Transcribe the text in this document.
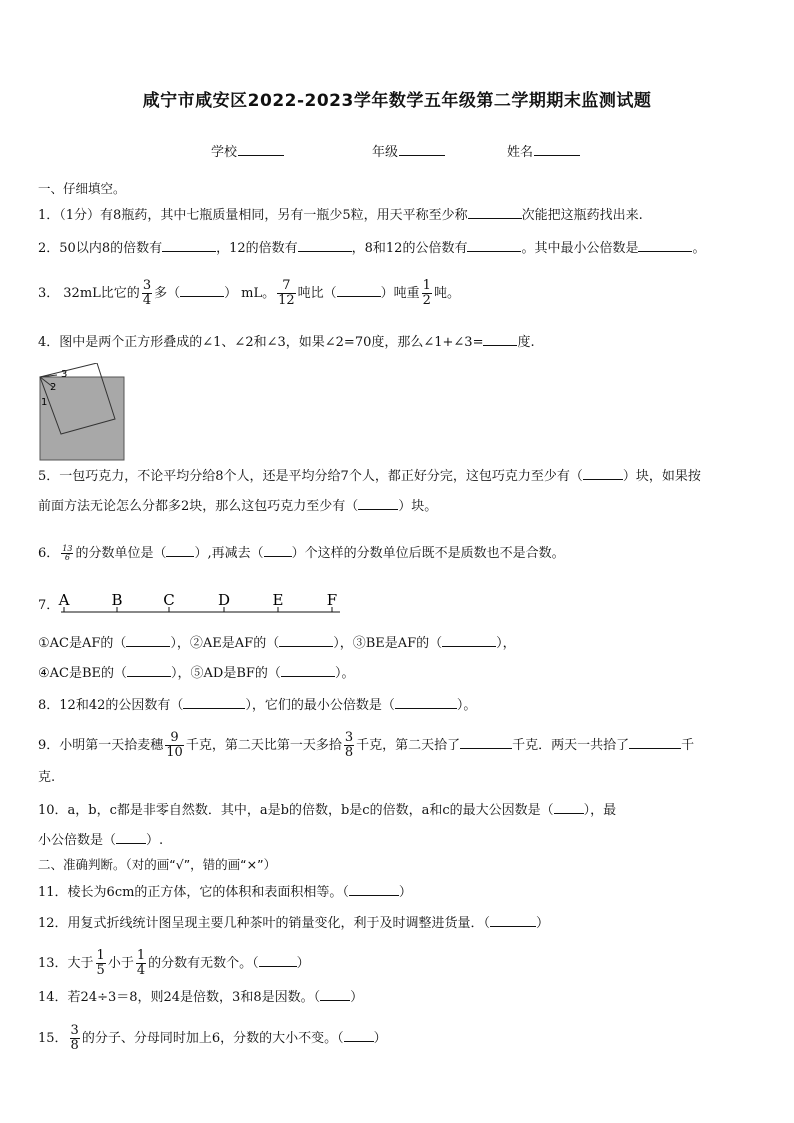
咸宁市咸安区2022-2023学年数学五年级第二学期期末监测试题
学校	年级	姓名
一、仔细填空。
1．（1分）有8瓶药，其中七瓶质量相同，另有一瓶少5粒，用天平称至少称	次能把这瓶药找出来.
2．50以内8的倍数有	，12的倍数有	，8和12的公倍数有	。其中最小公倍数是	。
3． 32mL比它的 $\frac{3}{4}$ 多（	） mL。 $\frac{7}{12}$ 吨比（	）吨重 $\frac{1}{2}$ 吨。
4．图中是两个正方形叠成的∠1、∠2和∠3，如果∠2=70度，那么∠1+∠3=	度.
3
2
1
5．一包巧克力，不论平均分给8个人，还是平均分给7个人，都正好分完，这包巧克力至少有（	）块，如果按
前面方法无论怎么分都多2块，那么这包巧克力至少有（	）块。
6． $\frac{13}{6}$ 的分数单位是（ ）,再减去（ ）个这样的分数单位后既不是质数也不是合数。
7． A	B	C	D	E	F
①AC是AF的（	），②AE是AF的（	），③BE是AF的（	），
④AC是BE的（	），⑤AD是BF的（	）。
8．12和42的公因数有（	），它们的最小公倍数是（	）。
9．小明第一天拾麦穗 $\frac{9}{10}$ 千克，第二天比第一天多拾 $\frac{3}{8}$ 千克，第二天拾了	千克．两天一共拾了	千
克.
10．a，b，c都是非零自然数．其中，a是b的倍数，b是c的倍数，a和c的最大公因数是（ ），最
小公倍数是（ ）.
二、准确判断。（对的画“√”，错的画“×”）
11．棱长为6cm的正方体，它的体积和表面积相等。（	）
12．用复式折线统计图呈现主要几种茶叶的销量变化，利于及时调整进货量．（	）
13．大于 $\frac{1}{5}$ 小于 $\frac{1}{4}$ 的分数有无数个。（	）
14．若24÷3＝8，则24是倍数，3和8是因数。（ ）
15． $\frac{3}{8}$ 的分子、分母同时加上6，分数的大小不变。（ ）
